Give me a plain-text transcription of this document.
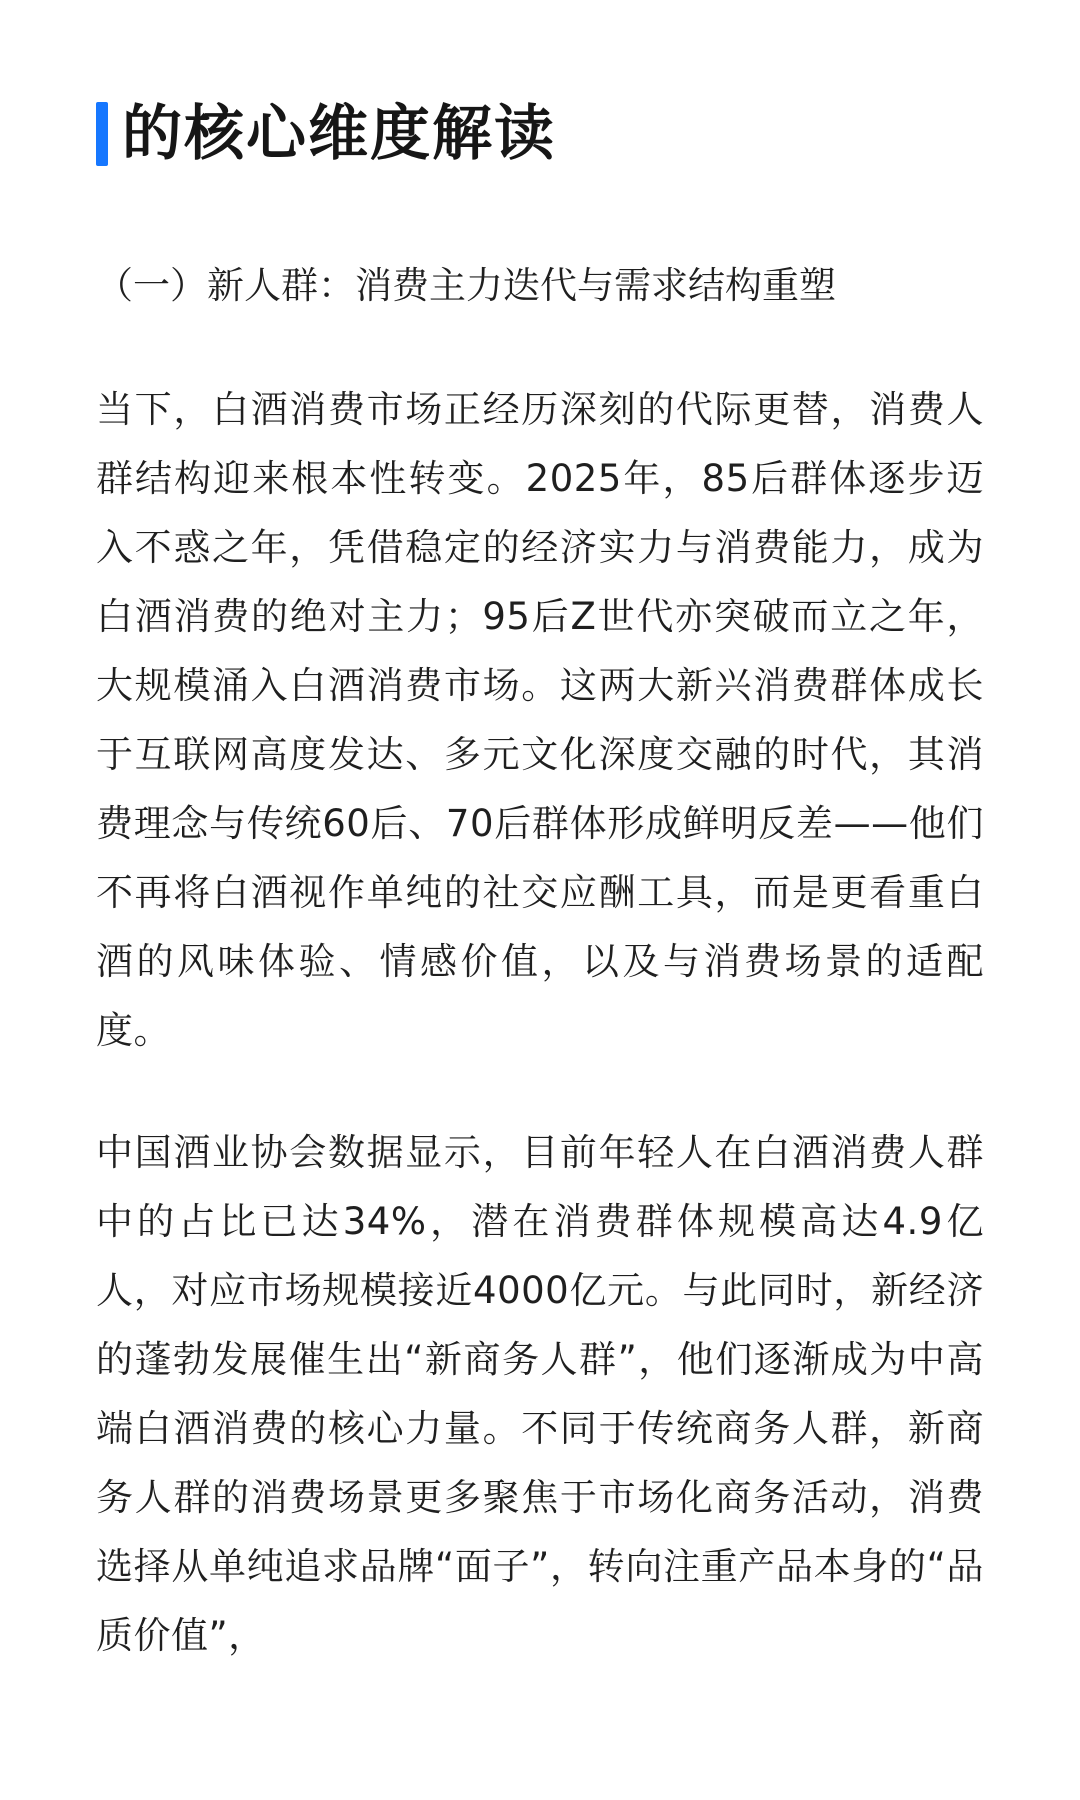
的核心维度解读
（一）新人群：消费主力迭代与需求结构重塑
当下，白酒消费市场正经历深刻的代际更替，消费人群结构迎来根本性转变。2025年，85后群体逐步迈入不惑之年，凭借稳定的经济实力与消费能力，成为白酒消费的绝对主力；95后Z世代亦突破而立之年，大规模涌入白酒消费市场。这两大新兴消费群体成长于互联网高度发达、多元文化深度交融的时代，其消费理念与传统60后、70后群体形成鲜明反差——他们不再将白酒视作单纯的社交应酬工具，而是更看重白酒的风味体验、情感价值，以及与消费场景的适配度。
中国酒业协会数据显示，目前年轻人在白酒消费人群中的占比已达34%，潜在消费群体规模高达4.9亿人，对应市场规模接近4000亿元。与此同时，新经济的蓬勃发展催生出“新商务人群”，他们逐渐成为中高端白酒消费的核心力量。不同于传统商务人群，新商务人群的消费场景更多聚焦于市场化商务活动，消费选择从单纯追求品牌“面子”，转向注重产品本身的“品质价值”，
